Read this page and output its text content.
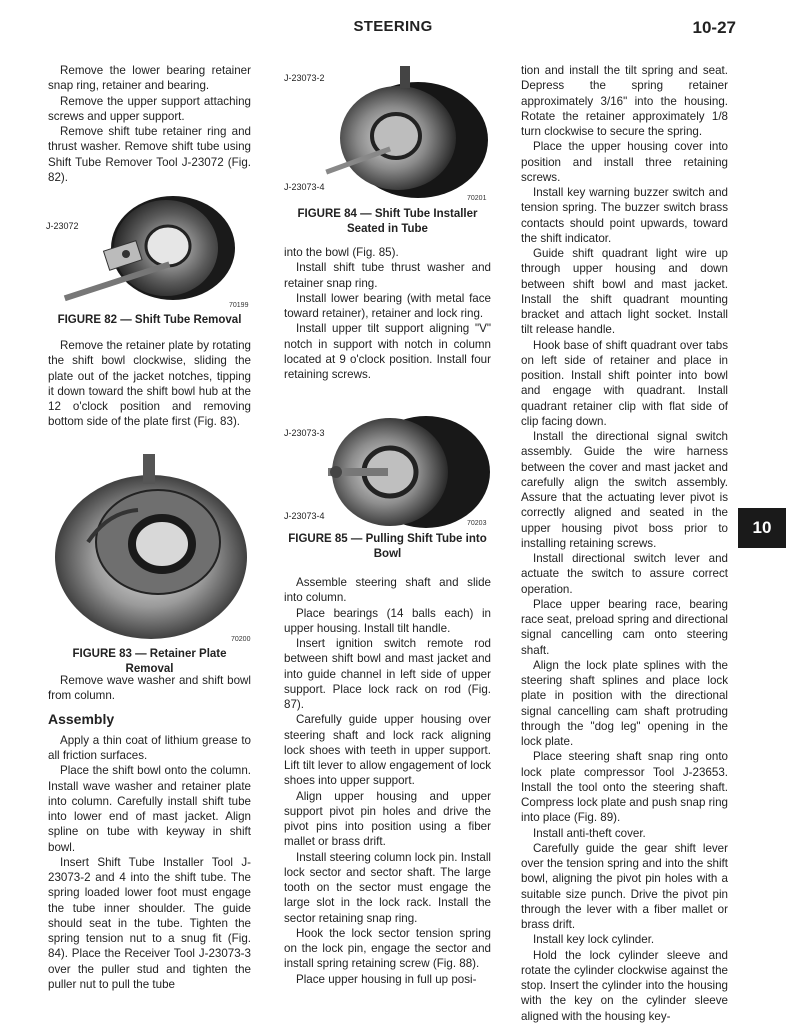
STEERING	10-27

Remove the lower bearing retainer snap ring, retainer and bearing.

Remove the upper support attaching screws and upper support.

Remove shift tube retainer ring and thrust washer. Remove shift tube using Shift Tube Remover Tool J-23072 (Fig. 82).

J-23072
70199
FIGURE 82 — Shift Tube Removal

Remove the retainer plate by rotating the shift bowl clockwise, sliding the plate out of the jacket notches, tipping it down toward the shift bowl hub at the 12 o'clock position and removing bottom side of the plate first (Fig. 83).

70200
FIGURE 83 — Retainer Plate Removal

Remove wave washer and shift bowl from column.

Assembly

Apply a thin coat of lithium grease to all friction surfaces.

Place the shift bowl onto the column. Install wave washer and retainer plate into column. Carefully install shift tube into lower end of mast jacket. Align spline on tube with keyway in shift bowl.

Insert Shift Tube Installer Tool J-23073-2 and 4 into the shift tube. The spring loaded lower foot must engage the tube inner shoulder. The guide should seat in the tube. Tighten the spring tension nut to a snug fit (Fig. 84). Place the Receiver Tool J-23073-3 over the puller stud and tighten the puller nut to pull the tube

J-23073-2
J-23073-4
70201
FIGURE 84 — Shift Tube Installer
Seated in Tube

into the bowl (Fig. 85).

Install shift tube thrust washer and retainer snap ring.

Install lower bearing (with metal face toward retainer), retainer and lock ring.

Install upper tilt support aligning "V" notch in support with notch in column located at 9 o'clock position. Install four retaining screws.

J-23073-3
J-23073-4
70203
FIGURE 85 — Pulling Shift Tube into
Bowl

Assemble steering shaft and slide into column.

Place bearings (14 balls each) in upper housing. Install tilt handle.

Insert ignition switch remote rod between shift bowl and mast jacket and into guide channel in left side of upper support. Place lock rack on rod (Fig. 87).

Carefully guide upper housing over steering shaft and lock rack aligning lock shoes with teeth in upper support. Lift tilt lever to allow engagement of lock shoes into upper support.

Align upper housing and upper support pivot pin holes and drive the pivot pins into position using a fiber mallet or brass drift.

Install steering column lock pin. Install lock sector and sector shaft. The large tooth on the sector must engage the large slot in the lock rack. Install the sector retaining snap ring.

Hook the lock sector tension spring on the lock pin, engage the sector and install spring retaining screw (Fig. 88).

Place upper housing in full up posi-

tion and install the tilt spring and seat. Depress the spring retainer approximately 3/16" into the housing. Rotate the retainer approximately 1/8 turn clockwise to secure the spring.

Place the upper housing cover into position and install three retaining screws.

Install key warning buzzer switch and tension spring. The buzzer switch brass contacts should point upwards, toward the shift indicator.

Guide shift quadrant light wire up through upper housing and down between shift bowl and mast jacket. Install the shift quadrant mounting bracket and attach light socket. Install tilt release handle.

Hook base of shift quadrant over tabs on left side of retainer and place in position. Install shift pointer into bowl and engage with quadrant. Install quadrant retainer clip with flat side of clip facing down.

Install the directional signal switch assembly. Guide the wire harness between the cover and mast jacket and carefully align the switch assembly. Assure that the actuating lever pivot is correctly aligned and seated in the upper housing pivot boss prior to installing retaining screws.

Install directional switch lever and actuate the switch to assure correct operation.

Place upper bearing race, bearing race seat, preload spring and directional signal cancelling cam onto steering shaft.

Align the lock plate splines with the steering shaft splines and place lock plate in position with the directional signal cancelling cam shaft protruding through the "dog leg" opening in the lock plate.

Place steering shaft snap ring onto lock plate compressor Tool J-23653. Install the tool onto the steering shaft. Compress lock plate and push snap ring into place (Fig. 89).

Install anti-theft cover.

Carefully guide the gear shift lever over the tension spring and into the shift bowl, aligning the pivot pin holes with a suitable size punch. Drive the pivot pin through the lever with a fiber mallet or brass drift.

Install key lock cylinder.

Hold the lock cylinder sleeve and rotate the cylinder clockwise against the stop. Insert the cylinder into the housing with the key on the cylinder sleeve aligned with the housing key-

10
